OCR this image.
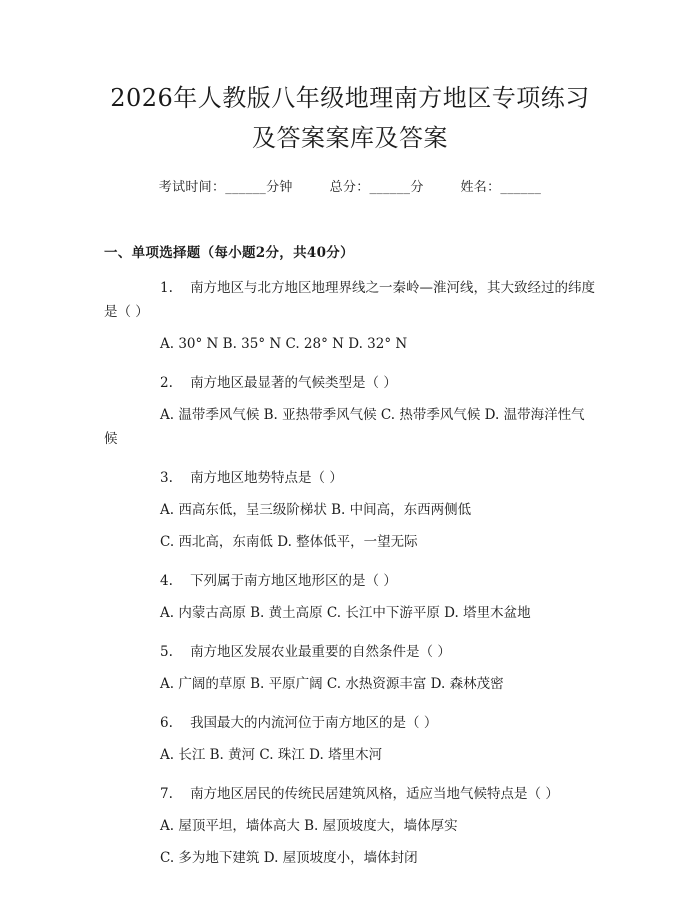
2026年人教版八年级地理南方地区专项练习
及答案案库及答案
考试时间：______分钟	总分：______分	姓名：______
一、单项选择题（每小题2分，共40分）

1. 南方地区与北方地区地理界线之一秦岭—淮河线，其大致经过的纬度是（ ）

A. 30° N B. 35° N C. 28° N D. 32° N

2. 南方地区最显著的气候类型是（ ）

A. 温带季风气候 B. 亚热带季风气候 C. 热带季风气候 D. 温带海洋性气候

3. 南方地区地势特点是（ ）

A. 西高东低，呈三级阶梯状 B. 中间高，东西两侧低

C. 西北高，东南低 D. 整体低平，一望无际

4. 下列属于南方地区地形区的是（ ）

A. 内蒙古高原 B. 黄土高原 C. 长江中下游平原 D. 塔里木盆地

5. 南方地区发展农业最重要的自然条件是（ ）

A. 广阔的草原 B. 平原广阔 C. 水热资源丰富 D. 森林茂密

6. 我国最大的内流河位于南方地区的是（ ）

A. 长江 B. 黄河 C. 珠江 D. 塔里木河

7. 南方地区居民的传统民居建筑风格，适应当地气候特点是（ ）

A. 屋顶平坦，墙体高大 B. 屋顶坡度大，墙体厚实

C. 多为地下建筑 D. 屋顶坡度小，墙体封闭
